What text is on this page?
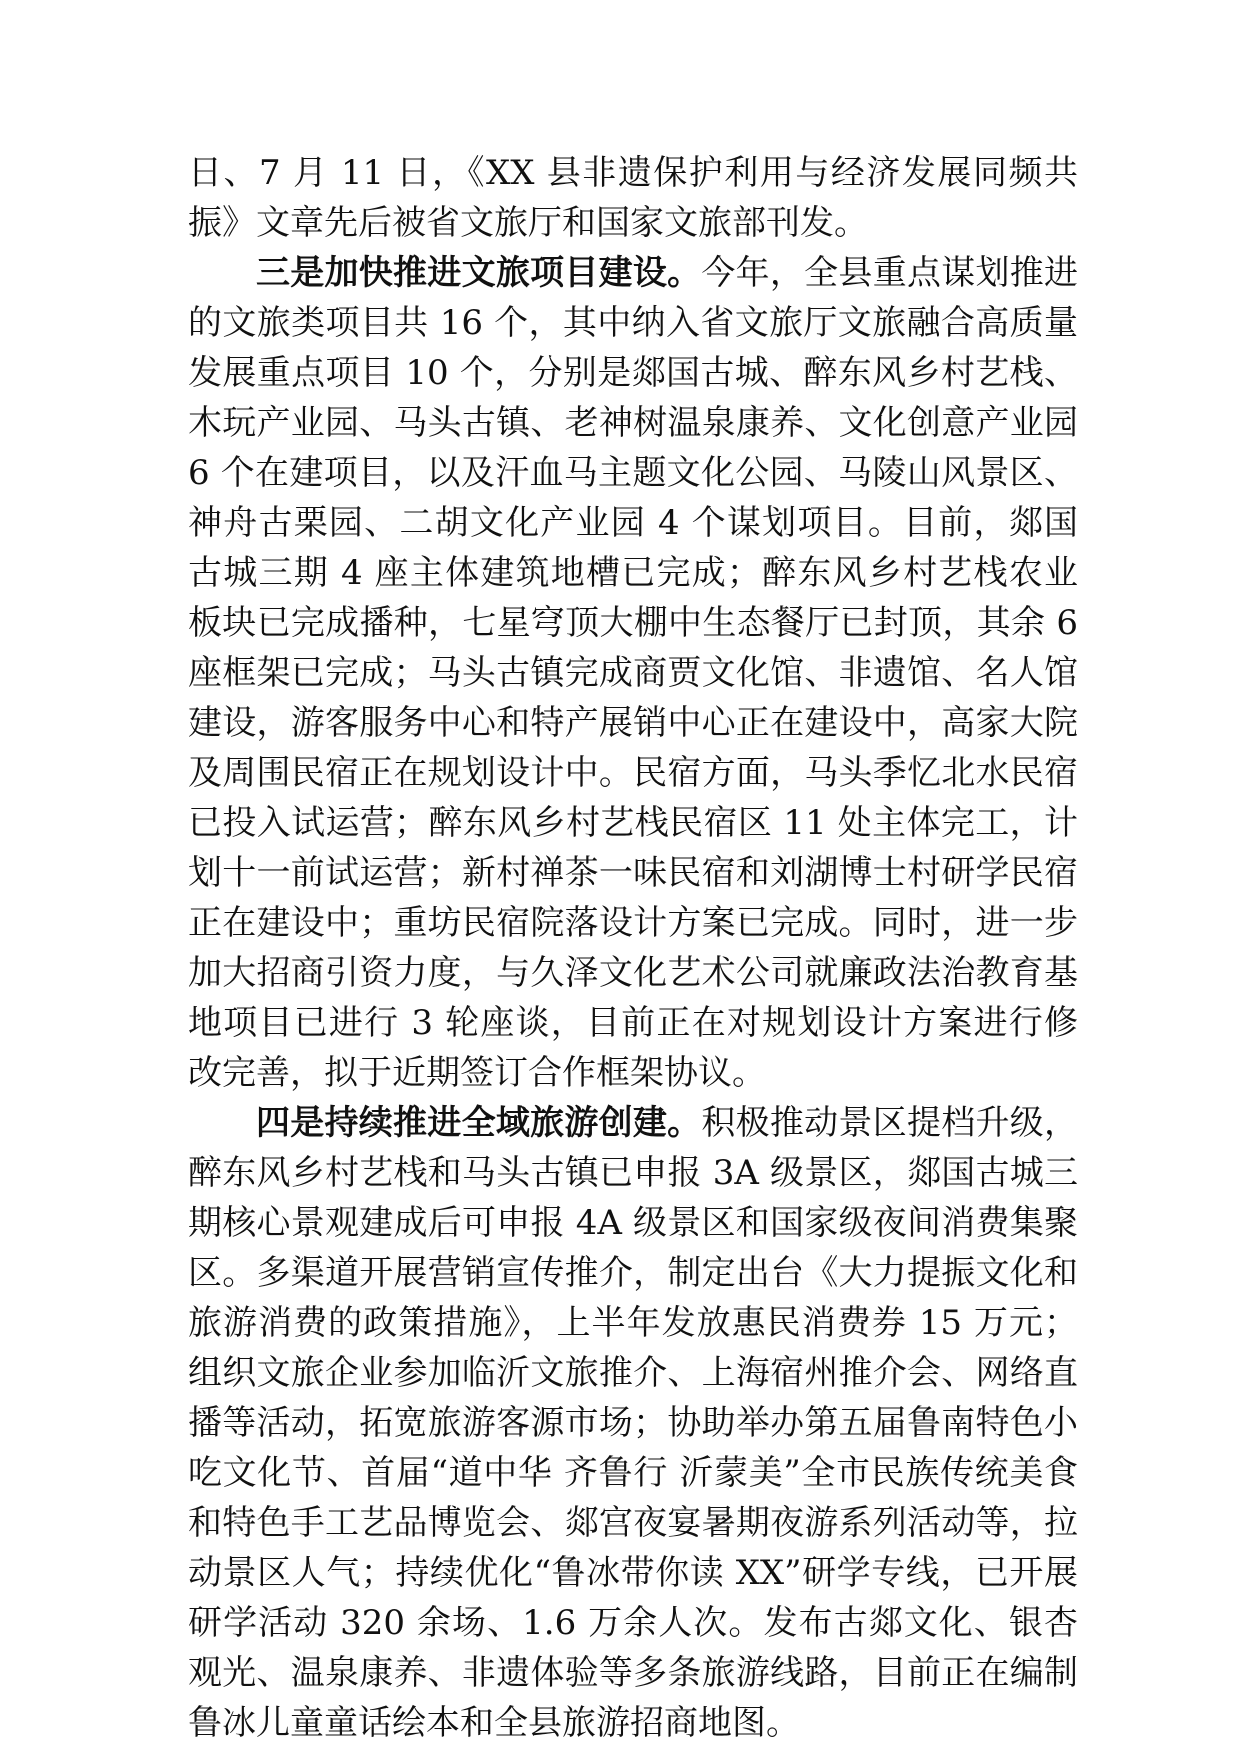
日、7 月 11 日，《XX 县非遗保护利用与经济发展同频共振》文章先后被省文旅厅和国家文旅部刊发。

三是加快推进文旅项目建设。今年，全县重点谋划推进的文旅类项目共 16 个，其中纳入省文旅厅文旅融合高质量发展重点项目 10 个，分别是郯国古城、醉东风乡村艺栈、木玩产业园、马头古镇、老神树温泉康养、文化创意产业园 6 个在建项目，以及汗血马主题文化公园、马陵山风景区、神舟古栗园、二胡文化产业园 4 个谋划项目。目前，郯国古城三期 4 座主体建筑地槽已完成；醉东风乡村艺栈农业板块已完成播种，七星穹顶大棚中生态餐厅已封顶，其余 6 座框架已完成；马头古镇完成商贾文化馆、非遗馆、名人馆建设，游客服务中心和特产展销中心正在建设中，高家大院及周围民宿正在规划设计中。民宿方面，马头季忆北水民宿已投入试运营；醉东风乡村艺栈民宿区 11 处主体完工，计划十一前试运营；新村禅茶一味民宿和刘湖博士村研学民宿正在建设中；重坊民宿院落设计方案已完成。同时，进一步加大招商引资力度，与久泽文化艺术公司就廉政法治教育基地项目已进行 3 轮座谈，目前正在对规划设计方案进行修改完善，拟于近期签订合作框架协议。

四是持续推进全域旅游创建。积极推动景区提档升级，醉东风乡村艺栈和马头古镇已申报 3A 级景区，郯国古城三期核心景观建成后可申报 4A 级景区和国家级夜间消费集聚区。多渠道开展营销宣传推介，制定出台《大力提振文化和旅游消费的政策措施》，上半年发放惠民消费券 15 万元；组织文旅企业参加临沂文旅推介、上海宿州推介会、网络直播等活动，拓宽旅游客源市场；协助举办第五届鲁南特色小吃文化节、首届“道中华 齐鲁行 沂蒙美”全市民族传统美食和特色手工艺品博览会、郯宫夜宴暑期夜游系列活动等，拉动景区人气；持续优化“鲁冰带你读 XX”研学专线，已开展研学活动 320 余场、1.6 万余人次。发布古郯文化、银杏观光、温泉康养、非遗体验等多条旅游线路，目前正在编制鲁冰儿童童话绘本和全县旅游招商地图。
